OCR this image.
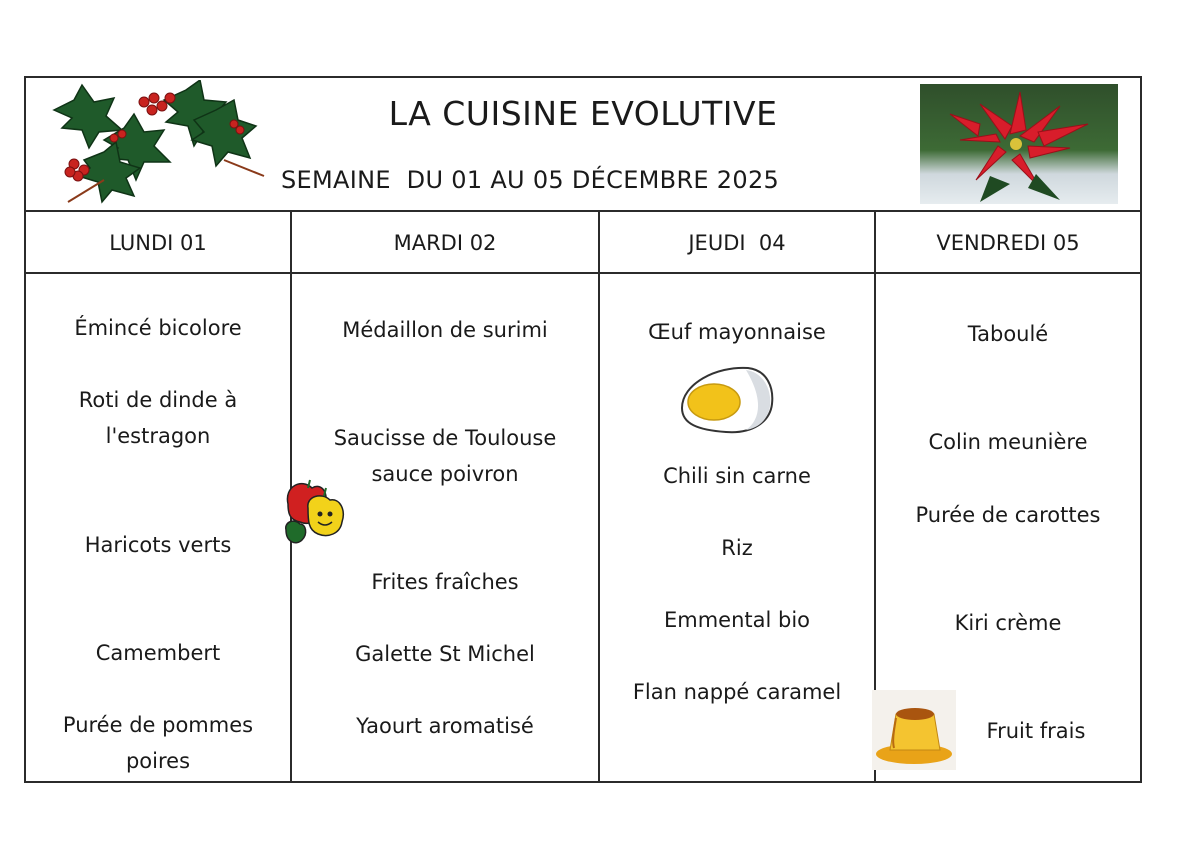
LA CUISINE EVOLUTIVE
SEMAINE  DU 01 AU 05 DÉCEMBRE 2025
LUNDI 01
Émincé bicolore
Roti de dinde à
l'estragon
Haricots verts
Camembert
Purée de pommes
poires
MARDI 02
Médaillon de surimi
Saucisse de Toulouse
sauce poivron
Frites fraîches
Galette St Michel
Yaourt aromatisé
JEUDI  04
Œuf mayonnaise
Chili sin carne
Riz
Emmental bio
Flan nappé caramel
VENDREDI 05
Taboulé
Colin meunière
Purée de carottes
Kiri crème
Fruit frais
